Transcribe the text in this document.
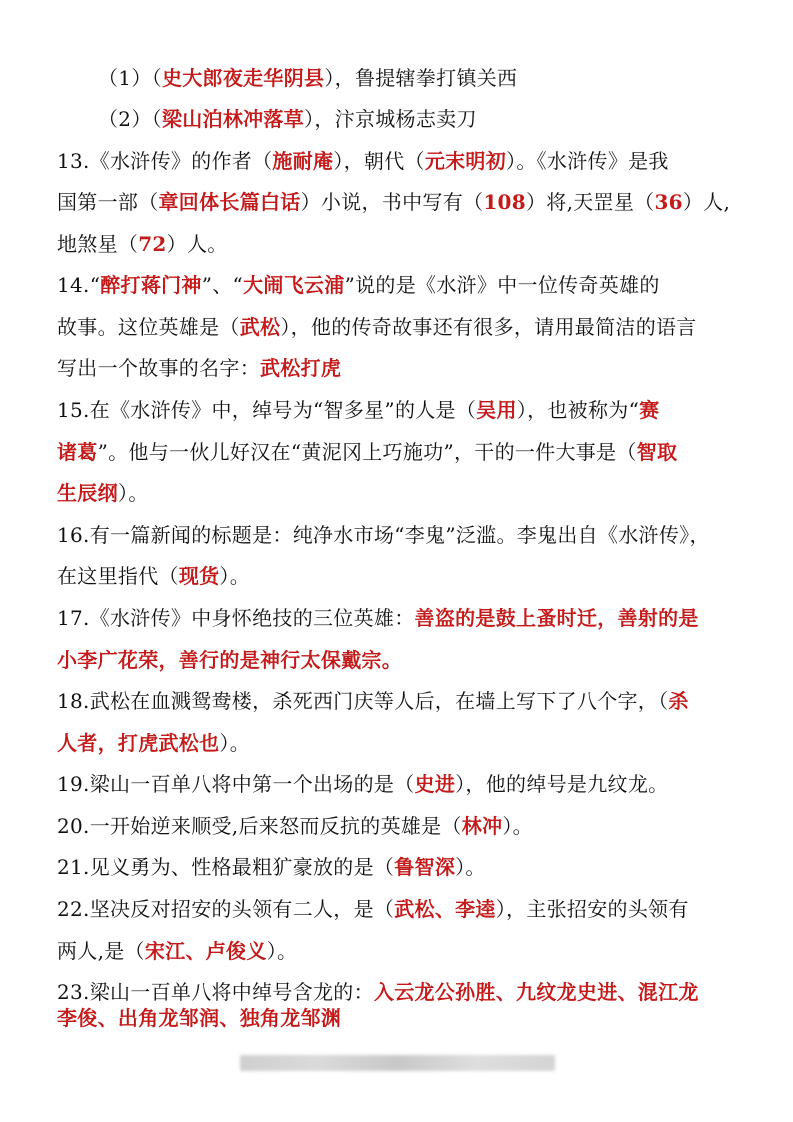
（1）（史大郎夜走华阴县），鲁提辖拳打镇关西
（2）（梁山泊林冲落草），汴京城杨志卖刀
13.《水浒传》的作者（施耐庵），朝代（元末明初）。《水浒传》是我
国第一部（章回体长篇白话）小说，书中写有（108）将,天罡星（36）人,
地煞星（72）人。
14.“醉打蒋门神”、“大闹飞云浦”说的是《水浒》中一位传奇英雄的
故事。这位英雄是（武松），他的传奇故事还有很多，请用最简洁的语言
写出一个故事的名字：武松打虎
15.在《水浒传》中，绰号为“智多星”的人是（吴用），也被称为“赛
诸葛”。他与一伙儿好汉在“黄泥冈上巧施功”，干的一件大事是（智取
生辰纲）。
16.有一篇新闻的标题是：纯净水市场“李鬼”泛滥。李鬼出自《水浒传》，
在这里指代（现货）。
17.《水浒传》中身怀绝技的三位英雄：善盗的是鼓上蚤时迁，善射的是
小李广花荣，善行的是神行太保戴宗。
18.武松在血溅鸳鸯楼，杀死西门庆等人后，在墙上写下了八个字，（杀
人者，打虎武松也）。
19.梁山一百单八将中第一个出场的是（史进），他的绰号是九纹龙。
20.一开始逆来顺受,后来怒而反抗的英雄是（林冲）。
21.见义勇为、性格最粗犷豪放的是（鲁智深）。
22.坚决反对招安的头领有二人，是（武松、李逵），主张招安的头领有
两人,是（宋江、卢俊义）。
23.梁山一百单八将中绰号含龙的：入云龙公孙胜、九纹龙史进、混江龙
李俊、出角龙邹润、独角龙邹渊
